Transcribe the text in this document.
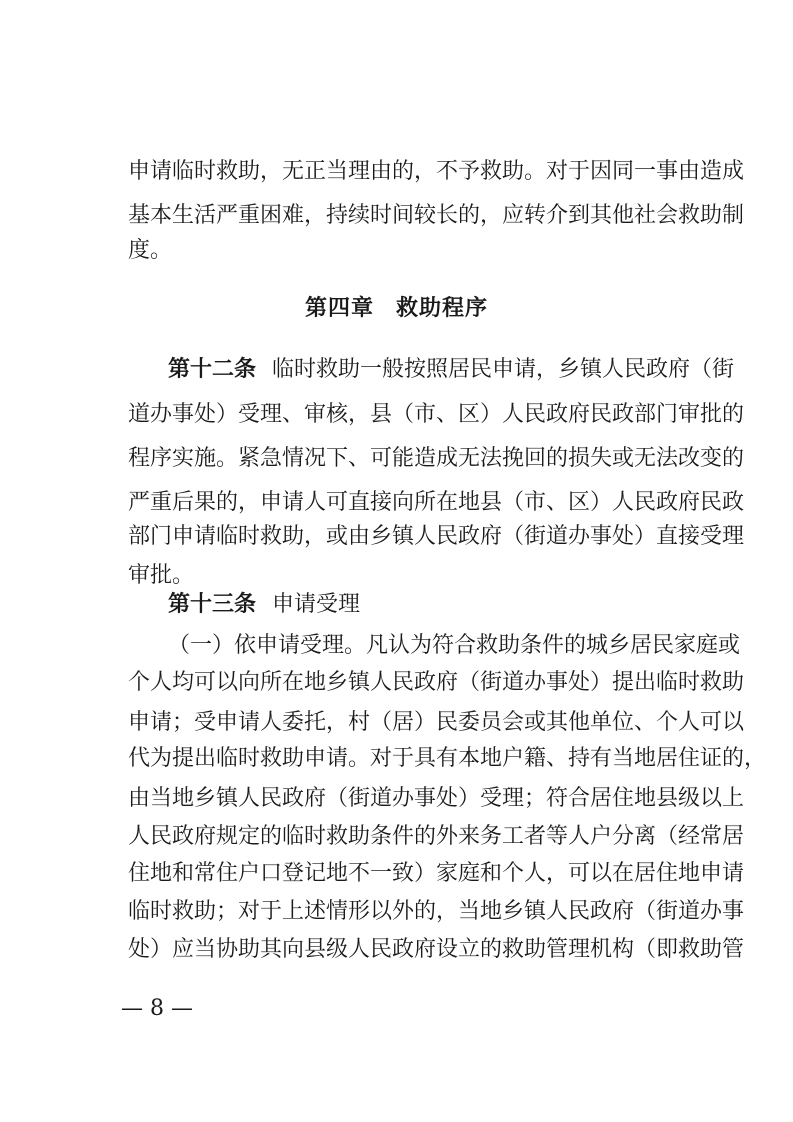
申请临时救助，无正当理由的，不予救助。对于因同一事由造成
基本生活严重困难，持续时间较长的，应转介到其他社会救助制
度。
第四章 救助程序
第十二条 临时救助一般按照居民申请，乡镇人民政府（街
道办事处）受理、审核，县（市、区）人民政府民政部门审批的
程序实施。紧急情况下、可能造成无法挽回的损失或无法改变的
严重后果的，申请人可直接向所在地县（市、区）人民政府民政
部门申请临时救助，或由乡镇人民政府（街道办事处）直接受理
审批。
第十三条 申请受理
（一）依申请受理。凡认为符合救助条件的城乡居民家庭或
个人均可以向所在地乡镇人民政府（街道办事处）提出临时救助
申请；受申请人委托，村（居）民委员会或其他单位、个人可以
代为提出临时救助申请。对于具有本地户籍、持有当地居住证的，
由当地乡镇人民政府（街道办事处）受理；符合居住地县级以上
人民政府规定的临时救助条件的外来务工者等人户分离（经常居
住地和常住户口登记地不一致）家庭和个人，可以在居住地申请
临时救助；对于上述情形以外的，当地乡镇人民政府（街道办事
处）应当协助其向县级人民政府设立的救助管理机构（即救助管
— 8 —
